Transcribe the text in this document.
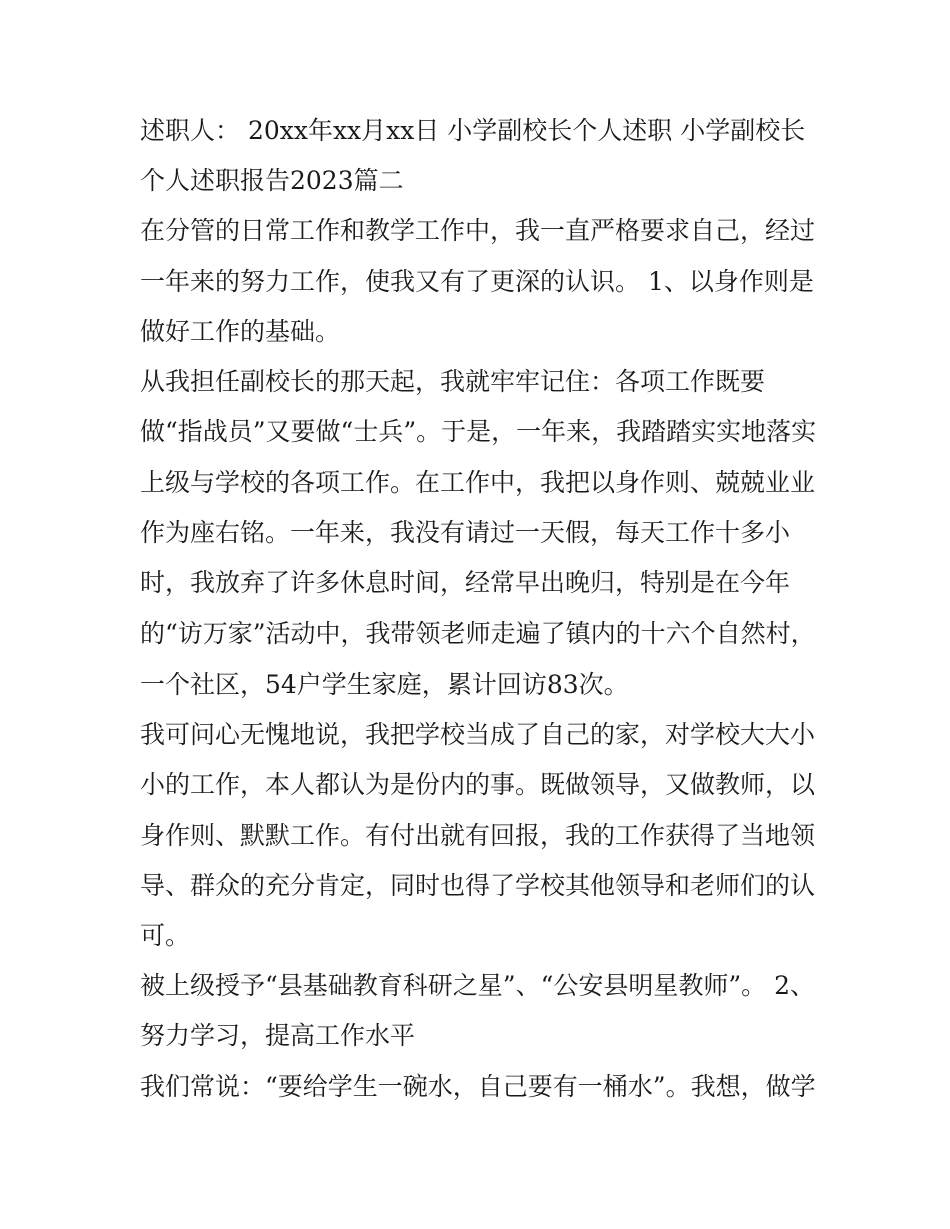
述职人： 20xx年xx月xx日 小学副校长个人述职 小学副校长
个人述职报告2023篇二
在分管的日常工作和教学工作中，我一直严格要求自己，经过
一年来的努力工作，使我又有了更深的认识。 1、以身作则是
做好工作的基础。
从我担任副校长的那天起，我就牢牢记住：各项工作既要
做“指战员”又要做“士兵”。于是，一年来，我踏踏实实地落实
上级与学校的各项工作。在工作中，我把以身作则、兢兢业业
作为座右铭。一年来，我没有请过一天假，每天工作十多小
时，我放弃了许多休息时间，经常早出晚归，特别是在今年
的“访万家”活动中，我带领老师走遍了镇内的十六个自然村，
一个社区，54户学生家庭，累计回访83次。
我可问心无愧地说，我把学校当成了自己的家，对学校大大小
小的工作，本人都认为是份内的事。既做领导，又做教师，以
身作则、默默工作。有付出就有回报，我的工作获得了当地领
导、群众的充分肯定，同时也得了学校其他领导和老师们的认
可。
被上级授予“县基础教育科研之星”、“公安县明星教师”。 2、
努力学习，提高工作水平
我们常说：“要给学生一碗水，自己要有一桶水”。我想，做学
